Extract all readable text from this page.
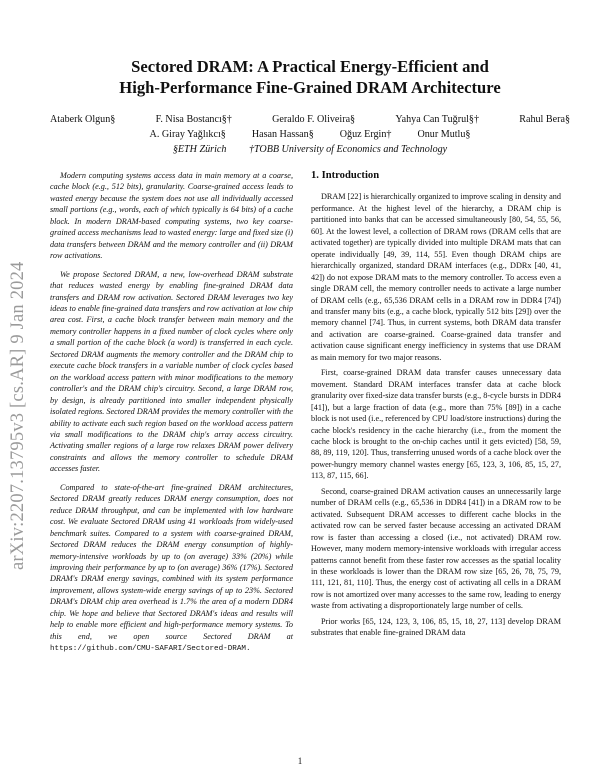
arXiv:2207.13795v3 [cs.AR] 9 Jan 2024
Sectored DRAM: A Practical Energy-Efficient and
High-Performance Fine-Grained DRAM Architecture
Ataberk Olgun§	F. Nisa Bostancı§†	Geraldo F. Oliveira§	Yahya Can Tuğrul§†	Rahul Bera§
A. Giray Yağlıkcı§	Hasan Hassan§	Oğuz Ergin†	Onur Mutlu§
§ETH Zürich †TOBB University of Economics and Technology

Modern computing systems access data in main memory at a coarse, cache block (e.g., 512 bits), granularity. Coarse-grained access leads to wasted energy because the system does not use all individually accessed small portions (e.g., words, each of which typically is 64 bits) of a cache block. In modern DRAM-based computing systems, two key coarse-grained access mechanisms lead to wasted energy: large and fixed size (i) data transfers between DRAM and the memory controller and (ii) DRAM row activations.

We propose Sectored DRAM, a new, low-overhead DRAM substrate that reduces wasted energy by enabling fine-grained DRAM data transfers and DRAM row activation. Sectored DRAM leverages two key ideas to enable fine-grained data transfers and row activation at low chip area cost. First, a cache block transfer between main memory and the memory controller happens in a fixed number of clock cycles where only a small portion of the cache block (a word) is transferred in each cycle. Sectored DRAM augments the memory controller and the DRAM chip to execute cache block transfers in a variable number of clock cycles based on the workload access pattern with minor modifications to the memory controller's and the DRAM chip's circuitry. Second, a large DRAM row, by design, is already partitioned into smaller independent physically isolated regions. Sectored DRAM provides the memory controller with the ability to activate each such region based on the workload access pattern via small modifications to the DRAM chip's array access circuitry. Activating smaller regions of a large row relaxes DRAM power delivery constraints and allows the memory controller to schedule DRAM accesses faster.

Compared to state-of-the-art fine-grained DRAM architectures, Sectored DRAM greatly reduces DRAM energy consumption, does not reduce DRAM throughput, and can be implemented with low hardware cost. We evaluate Sectored DRAM using 41 workloads from widely-used benchmark suites. Compared to a system with coarse-grained DRAM, Sectored DRAM reduces the DRAM energy consumption of highly-memory-intensive workloads by up to (on average) 33% (20%) while improving their performance by up to (on average) 36% (17%). Sectored DRAM's DRAM energy savings, combined with its system performance improvement, allows system-wide energy savings of up to 23%. Sectored DRAM's DRAM chip area overhead is 1.7% the area of a modern DDR4 chip. We hope and believe that Sectored DRAM's ideas and results will help to enable more efficient and high-performance memory systems. To this end, we open source Sectored DRAM at https://github.com/CMU-SAFARI/Sectored-DRAM.

1. Introduction

DRAM [22] is hierarchically organized to improve scaling in density and performance. At the highest level of the hierarchy, a DRAM chip is partitioned into banks that can be accessed simultaneously [80, 54, 55, 56, 60]. At the lowest level, a collection of DRAM rows (DRAM cells that are activated together) are typically divided into multiple DRAM mats that can operate individually [49, 39, 114, 55]. Even though DRAM chips are hierarchically organized, standard DRAM interfaces (e.g., DDRx [40, 41, 42]) do not expose DRAM mats to the memory controller. To access even a single DRAM cell, the memory controller needs to activate a large number of DRAM cells (e.g., 65,536 DRAM cells in a DRAM row in DDR4 [74]) and transfer many bits (e.g., a cache block, typically 512 bits [29]) over the memory channel [74]. Thus, in current systems, both DRAM data transfer and activation are coarse-grained. Coarse-grained data transfer and activation cause significant energy inefficiency in systems that use DRAM as main memory for two major reasons.

First, coarse-grained DRAM data transfer causes unnecessary data movement. Standard DRAM interfaces transfer data at cache block granularity over fixed-size data transfer bursts (e.g., 8-cycle bursts in DDR4 [41]), but a large fraction of data (e.g., more than 75% [89]) in a cache block is not used (i.e., referenced by CPU load/store instructions) during the cache block's residency in the cache hierarchy (i.e., from the moment the cache block is brought to the on-chip caches until it gets evicted) [58, 59, 88, 89, 119, 120]. Thus, transferring unused words of a cache block over the power-hungry memory channel wastes energy [65, 123, 3, 106, 85, 15, 27, 113, 87, 115, 66].

Second, coarse-grained DRAM activation causes an unnecessarily large number of DRAM cells (e.g., 65,536 in DDR4 [41]) in a DRAM row to be activated. Subsequent DRAM accesses to different cache blocks in the activated row can be served faster because accessing an activated DRAM row is faster than accessing a closed (i.e., not activated) DRAM row. However, many modern memory-intensive workloads with irregular access patterns cannot benefit from these faster row accesses as the spatial locality in these workloads is lower than the DRAM row size [65, 26, 78, 75, 79, 111, 121, 81, 110]. Thus, the energy cost of activating all cells in a DRAM row is not amortized over many accesses to the same row, leading to energy waste from activating a disproportionately large number of cells.

Prior works [65, 124, 123, 3, 106, 85, 15, 18, 27, 113] develop DRAM substrates that enable fine-grained DRAM data

1
